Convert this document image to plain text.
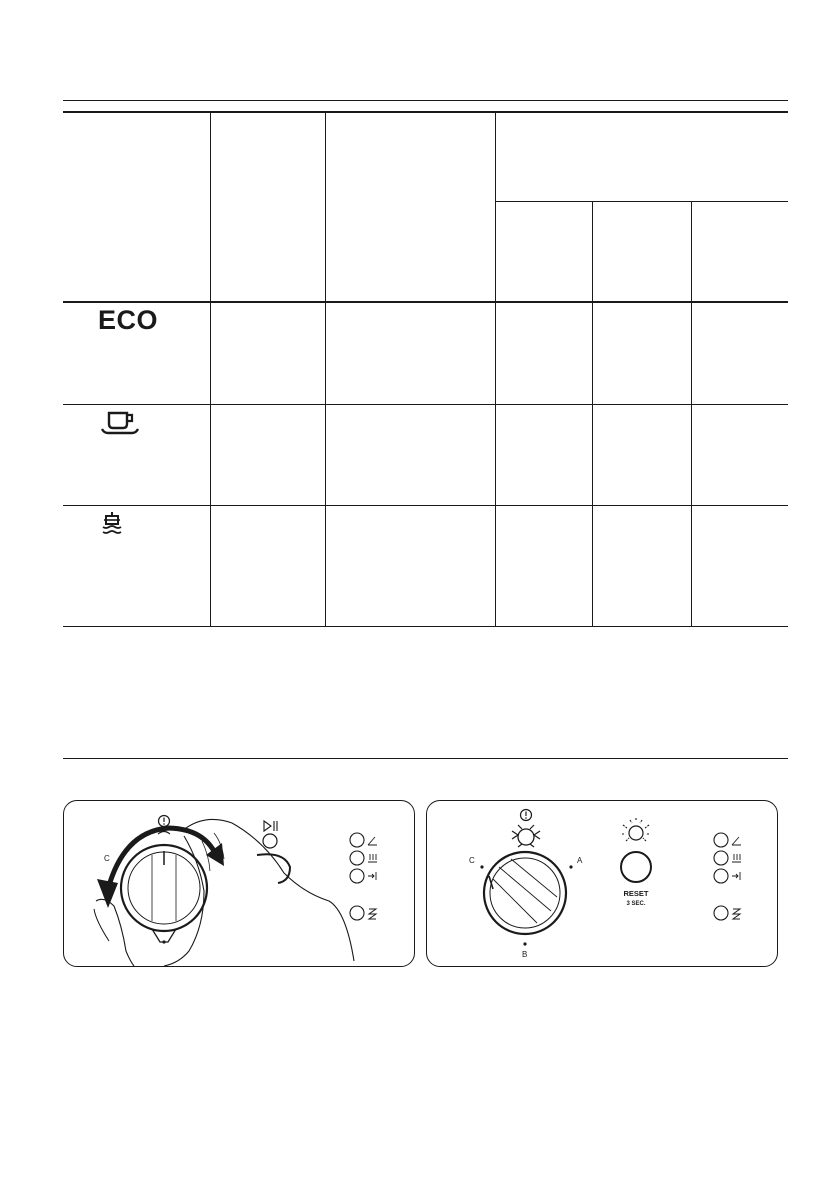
ECO
C	C	A
B
RESET
3 SEC.
